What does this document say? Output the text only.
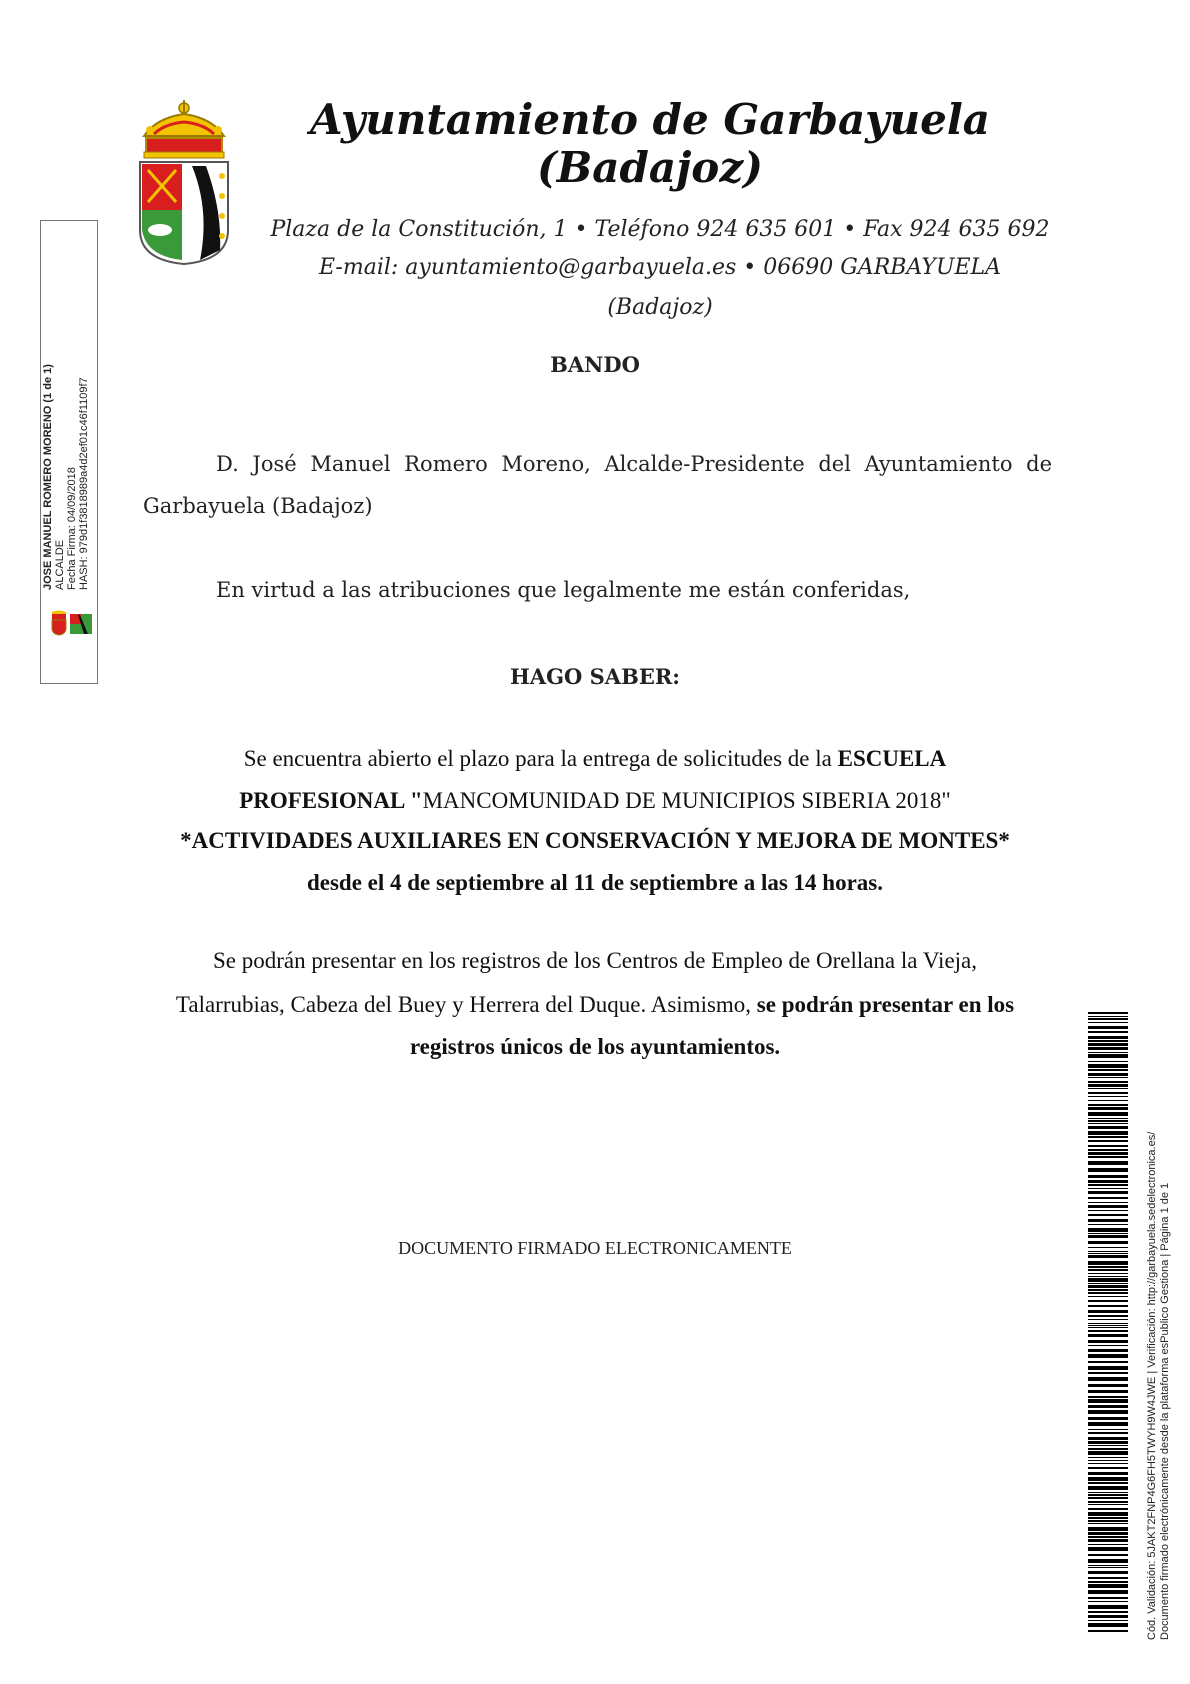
Ayuntamiento de Garbayuela
(Badajoz)
Plaza de la Constitución, 1 • Teléfono 924 635 601 • Fax 924 635 692
E-mail: ayuntamiento@garbayuela.es • 06690 GARBAYUELA
(Badajoz)
BANDO
D. José Manuel Romero Moreno, Alcalde-Presidente del Ayuntamiento de
Garbayuela (Badajoz)
En virtud a las atribuciones que legalmente me están conferidas,
HAGO SABER:
Se encuentra abierto el plazo para la entrega de solicitudes de la ESCUELA
PROFESIONAL "MANCOMUNIDAD DE MUNICIPIOS SIBERIA 2018"
*ACTIVIDADES AUXILIARES EN CONSERVACIÓN Y MEJORA DE MONTES*
desde el 4 de septiembre al 11 de septiembre a las 14 horas.
Se podrán presentar en los registros de los Centros de Empleo de Orellana la Vieja,
Talarrubias, Cabeza del Buey y Herrera del Duque. Asimismo, se podrán presentar en los
registros únicos de los ayuntamientos.
DOCUMENTO FIRMADO ELECTRONICAMENTE
JOSE MANUEL ROMERO MORENO (1 de 1) ALCALDE Fecha Firma: 04/09/2018 HASH: 979d1f3818989a4d2ef01c46f1109f7
Cód. Validación: 5JAKT2FNP4G6FH5TWYH9W4JWE | Verificación: http://garbayuela.sedelectronica.es/ Documento firmado electrónicamente desde la plataforma esPublico Gestiona | Página 1 de 1
